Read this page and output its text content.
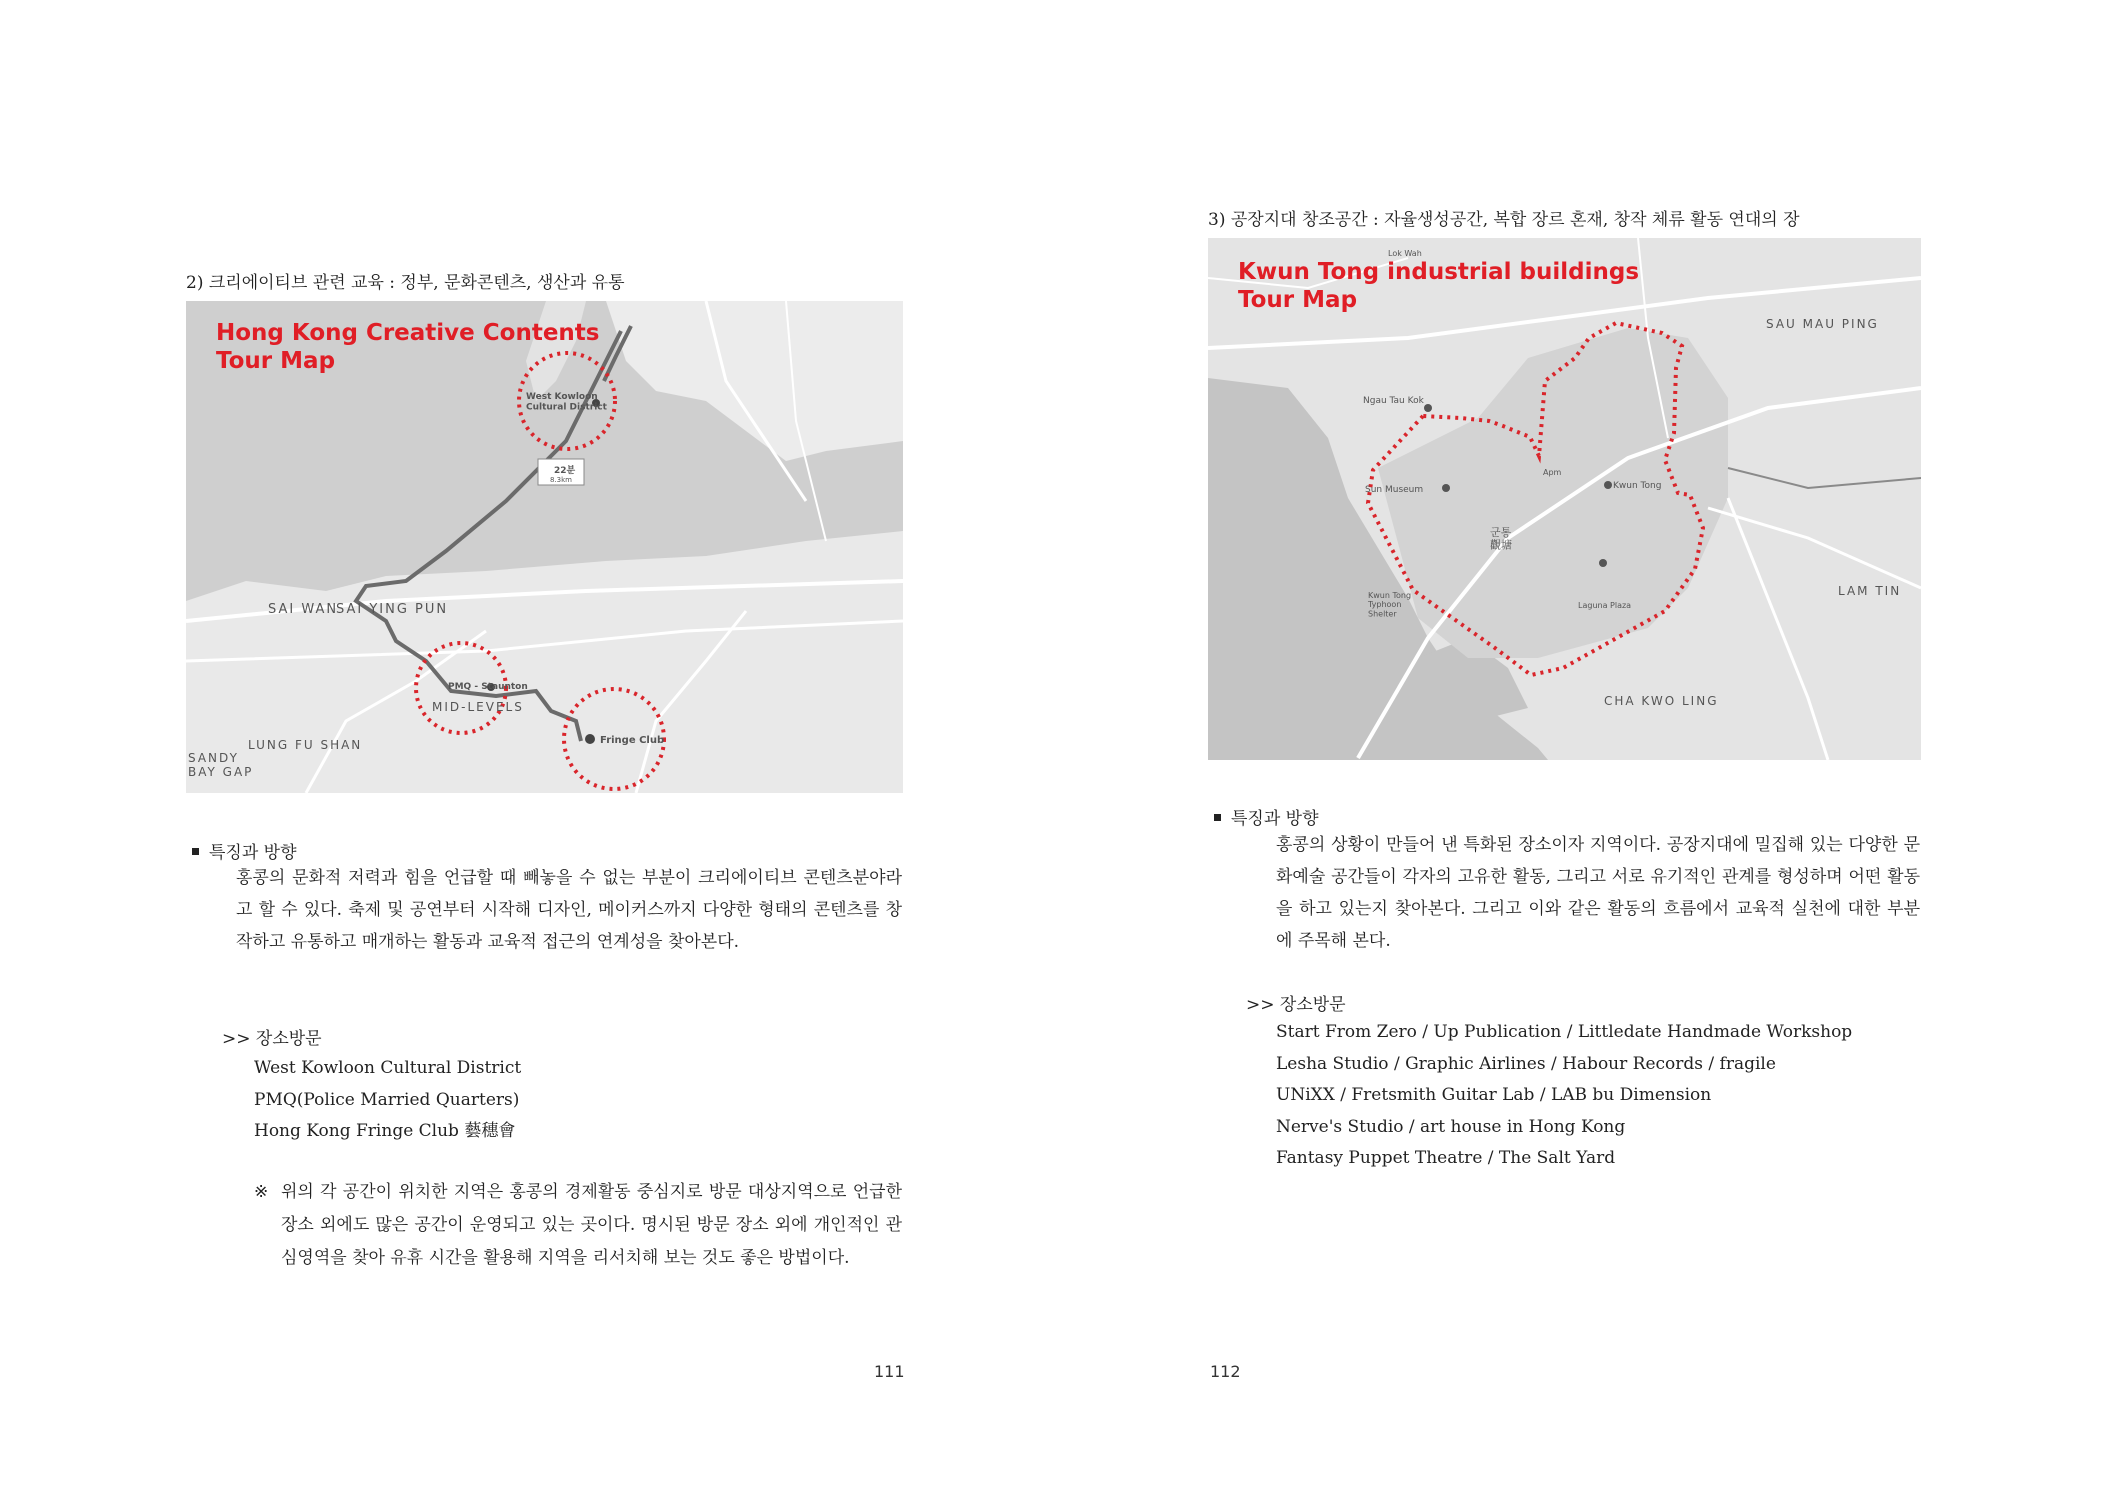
2) 크리에이티브 관련 교육 : 정부, 문화콘텐츠, 생산과 유통
West Kowloon Cultural District
PMQ - Staunton
Fringe Club
22분
8.3km
SAI WAN
SAI YING PUN
MID-LEVELS
LUNG FU SHAN
SANDY BAY GAP
Hong Kong Creative Contents
Tour Map
특징과 방향
홍콩의 문화적 저력과 힘을 언급할 때 빼놓을 수 없는 부분이 크리에이티브 콘텐츠분야라고 할 수 있다. 축제 및 공연부터 시작해 디자인, 메이커스까지 다양한 형태의 콘텐츠를 창작하고 유통하고 매개하는 활동과 교육적 접근의 연계성을 찾아본다.
>> 장소방문
West Kowloon Cultural District
PMQ(Police Married Quarters)
Hong Kong Fringe Club 藝穗會
※ 위의 각 공간이 위치한 지역은 홍콩의 경제활동 중심지로 방문 대상지역으로 언급한 장소 외에도 많은 공간이 운영되고 있는 곳이다. 명시된 방문 장소 외에 개인적인 관심영역을 찾아 유휴 시간을 활용해 지역을 리서치해 보는 것도 좋은 방법이다.
111
3) 공장지대 창조공간 : 자율생성공간, 복합 장르 혼재, 창작 체류 활동 연대의 장
SAU MAU PING
LAM TIN
CHA KWO LING
Kwun Tong
Sun Museum
Ngau Tau Kok
Apm
Kwun Tong Typhoon Shelter
Laguna Plaza
Lok Wah
군통 觀塘
Kwun Tong industrial buildings
Tour Map
특징과 방향
홍콩의 상황이 만들어 낸 특화된 장소이자 지역이다. 공장지대에 밀집해 있는 다양한 문화예술 공간들이 각자의 고유한 활동, 그리고 서로 유기적인 관계를 형성하며 어떤 활동을 하고 있는지 찾아본다. 그리고 이와 같은 활동의 흐름에서 교육적 실천에 대한 부분에 주목해 본다.
>> 장소방문
Start From Zero / Up Publication / Littledate Handmade Workshop
Lesha Studio / Graphic Airlines / Habour Records / fragile
UNiXX / Fretsmith Guitar Lab / LAB bu Dimension
Nerve's Studio / art house in Hong Kong
Fantasy Puppet Theatre / The Salt Yard
112
